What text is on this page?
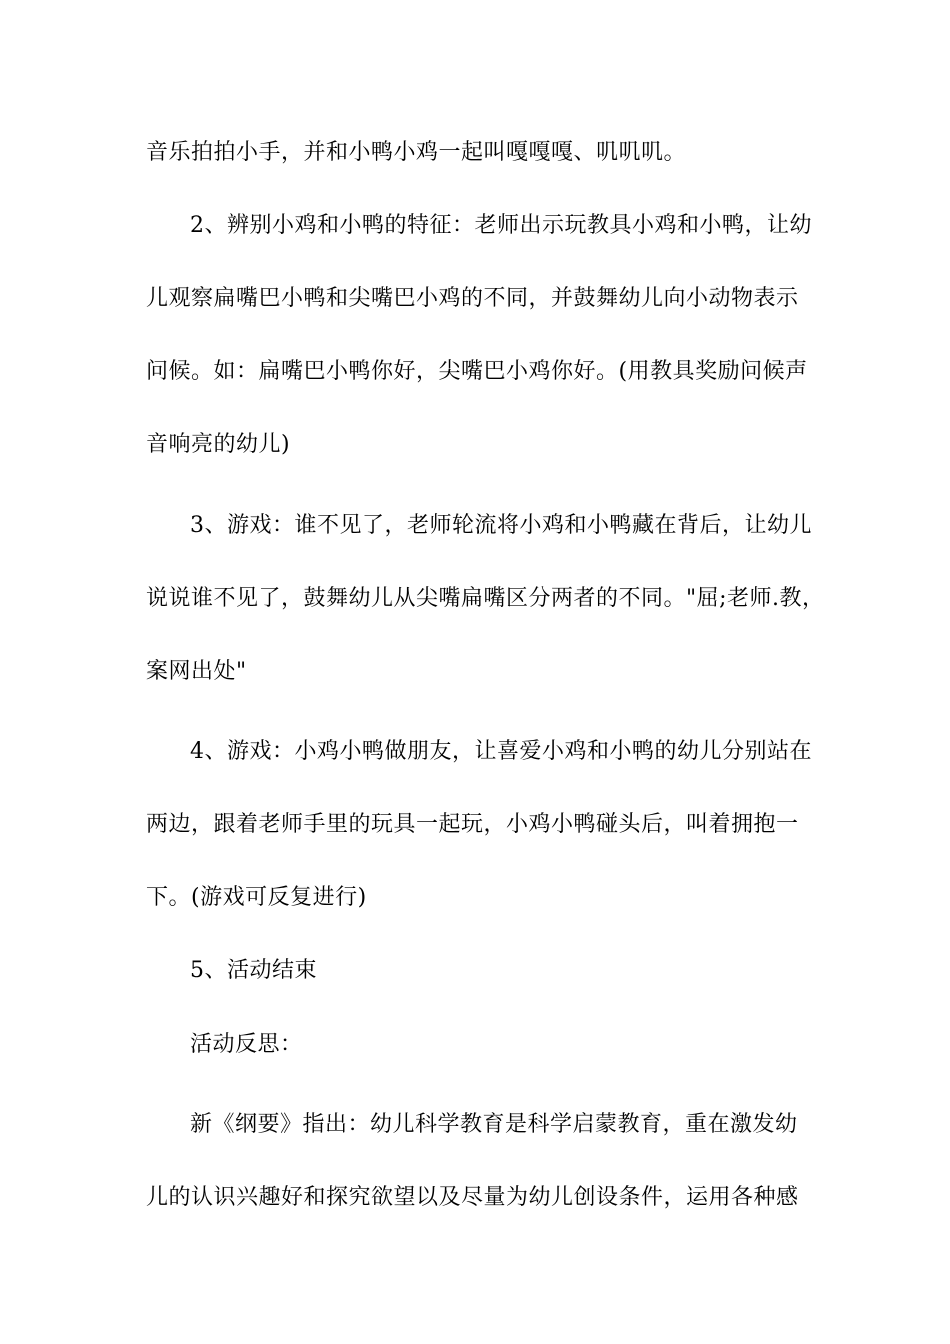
音乐拍拍小手，并和小鸭小鸡一起叫嘎嘎嘎、叽叽叽。
2、辨别小鸡和小鸭的特征：老师出示玩教具小鸡和小鸭，让幼
儿观察扁嘴巴小鸭和尖嘴巴小鸡的不同，并鼓舞幼儿向小动物表示
问候。如：扁嘴巴小鸭你好，尖嘴巴小鸡你好。(用教具奖励问候声
音响亮的幼儿)
3、游戏：谁不见了，老师轮流将小鸡和小鸭藏在背后，让幼儿
说说谁不见了，鼓舞幼儿从尖嘴扁嘴区分两者的不同。"屈;老师.教，
案网出处"
4、游戏：小鸡小鸭做朋友，让喜爱小鸡和小鸭的幼儿分别站在
两边，跟着老师手里的玩具一起玩，小鸡小鸭碰头后，叫着拥抱一
下。(游戏可反复进行)
5、活动结束
活动反思：
新《纲要》指出：幼儿科学教育是科学启蒙教育，重在激发幼
儿的认识兴趣好和探究欲望以及尽量为幼儿创设条件，运用各种感
